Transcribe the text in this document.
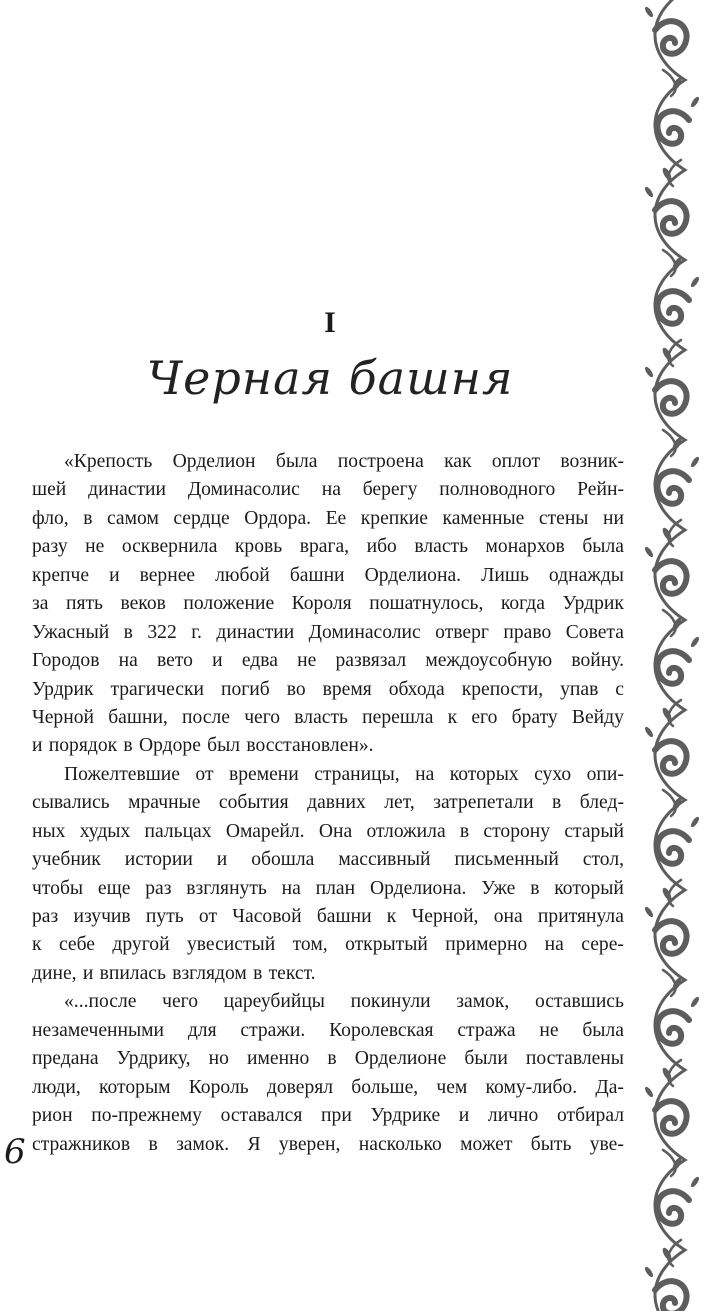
I
Черная башня
«Крепость Орделион была построена как оплот возник-
шей династии Доминасолис на берегу полноводного Рейн-
фло, в самом сердце Ордора. Ее крепкие каменные стены ни
разу не осквернила кровь врага, ибо власть монархов была
крепче и вернее любой башни Орделиона. Лишь однажды
за пять веков положение Короля пошатнулось, когда Урдрик
Ужасный в 322 г. династии Доминасолис отверг право Совета
Городов на вето и едва не развязал междоусобную войну.
Урдрик трагически погиб во время обхода крепости, упав с
Черной башни, после чего власть перешла к его брату Вейду
и порядок в Ордоре был восстановлен».
Пожелтевшие от времени страницы, на которых сухо опи-
сывались мрачные события давних лет, затрепетали в блед-
ных худых пальцах Омарейл. Она отложила в сторону старый
учебник истории и обошла массивный письменный стол,
чтобы еще раз взглянуть на план Орделиона. Уже в который
раз изучив путь от Часовой башни к Черной, она притянула
к себе другой увесистый том, открытый примерно на сере-
дине, и впилась взглядом в текст.
«...после чего цареубийцы покинули замок, оставшись
незамеченными для стражи. Королевская стража не была
предана Урдрику, но именно в Орделионе были поставлены
люди, которым Король доверял больше, чем кому-либо. Да-
рион по-прежнему оставался при Урдрике и лично отбирал
стражников в замок. Я уверен, насколько может быть уве-
6
